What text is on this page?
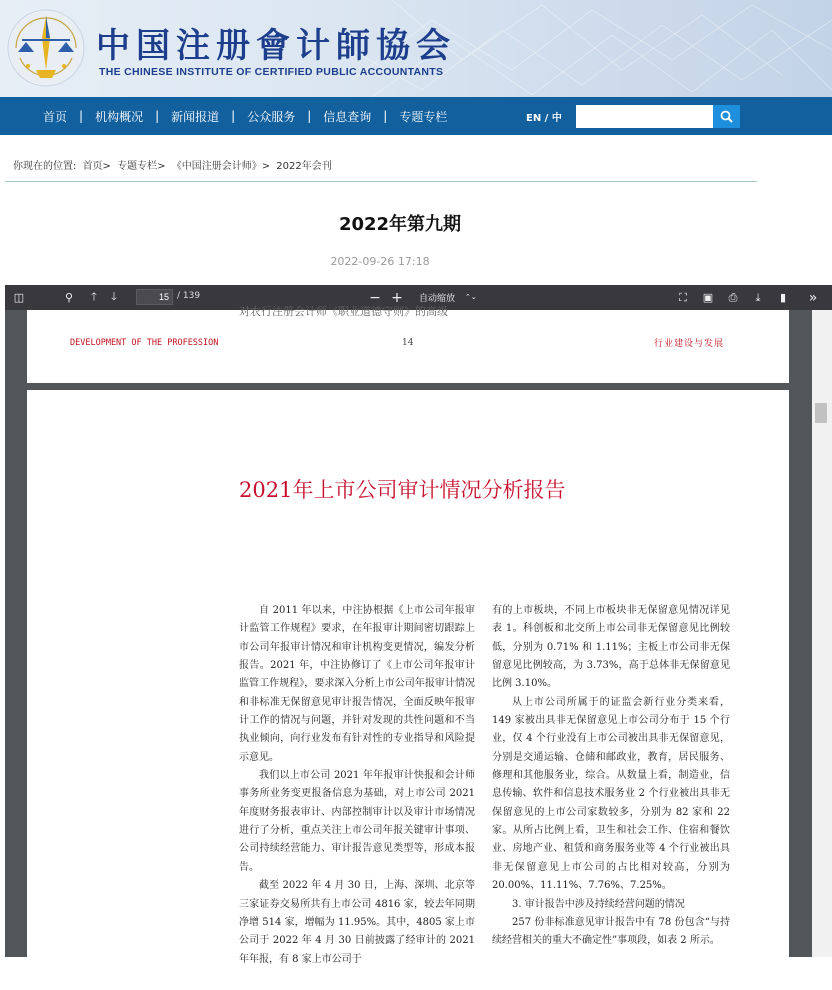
中国注册會计師協会
THE CHINESE INSTITUTE OF CERTIFIED PUBLIC ACCOUNTANTS
首页	|	机构概况	|	新闻报道	|	公众服务	|	信息查询	|	专题专栏	EN / 中
你现在的位置: 首页> 专题专栏> 《中国注册会计师》> 2022年会刊
2022年第九期
2022-09-26 17:18
◫	⚲	🡑	🡓
15	/ 139	− + 自动缩放 ⌃⌄	⛶	▣	⎙	⤓	▮ »
对农行注册会计师《职业道德守则》的高级
DEVELOPMENT OF THE PROFESSION	14	行业建设与发展
2021年上市公司审计情况分析报告

自 2011 年以来，中注协根据《上市公司年报审计监管工作规程》要求，在年报审计期间密切跟踪上市公司年报审计情况和审计机构变更情况，编发分析报告。2021 年，中注协修订了《上市公司年报审计监管工作规程》，要求深入分析上市公司年报审计情况和非标准无保留意见审计报告情况，全面反映年报审计工作的情况与问题，并针对发现的共性问题和不当执业倾向，向行业发布有针对性的专业指导和风险提示意见。

我们以上市公司 2021 年年报审计快报和会计师事务所业务变更报备信息为基础，对上市公司 2021 年度财务报表审计、内部控制审计以及审计市场情况进行了分析，重点关注上市公司年报关键审计事项、公司持续经营能力、审计报告意见类型等，形成本报告。

截至 2022 年 4 月 30 日，上海、深圳、北京等三家证券交易所共有上市公司 4816 家，较去年同期净增 514 家，增幅为 11.95%。其中，4805 家上市公司于 2022 年 4 月 30 日前披露了经审计的 2021 年年报，有 8 家上市公司于

有的上市板块，不同上市板块非无保留意见情况详见表 1。科创板和北交所上市公司非无保留意见比例较低，分别为 0.71% 和 1.11%；主板上市公司非无保留意见比例较高，为 3.73%，高于总体非无保留意见比例 3.10%。

从上市公司所属于的证监会新行业分类来看，149 家被出具非无保留意见上市公司分布于 15 个行业，仅 4 个行业没有上市公司被出具非无保留意见，分别是交通运输、仓储和邮政业，教育，居民服务、修理和其他服务业，综合。从数量上看，制造业，信息传输、软件和信息技术服务业 2 个行业被出具非无保留意见的上市公司家数较多，分别为 82 家和 22 家。从所占比例上看，卫生和社会工作、住宿和餐饮业、房地产业、租赁和商务服务业等 4 个行业被出具非无保留意见上市公司的占比相对较高，分别为 20.00%、11.11%、7.76%、7.25%。

3. 审计报告中涉及持续经营问题的情况

257 份非标准意见审计报告中有 78 份包含“与持续经营相关的重大不确定性”事项段，如表 2 所示。
